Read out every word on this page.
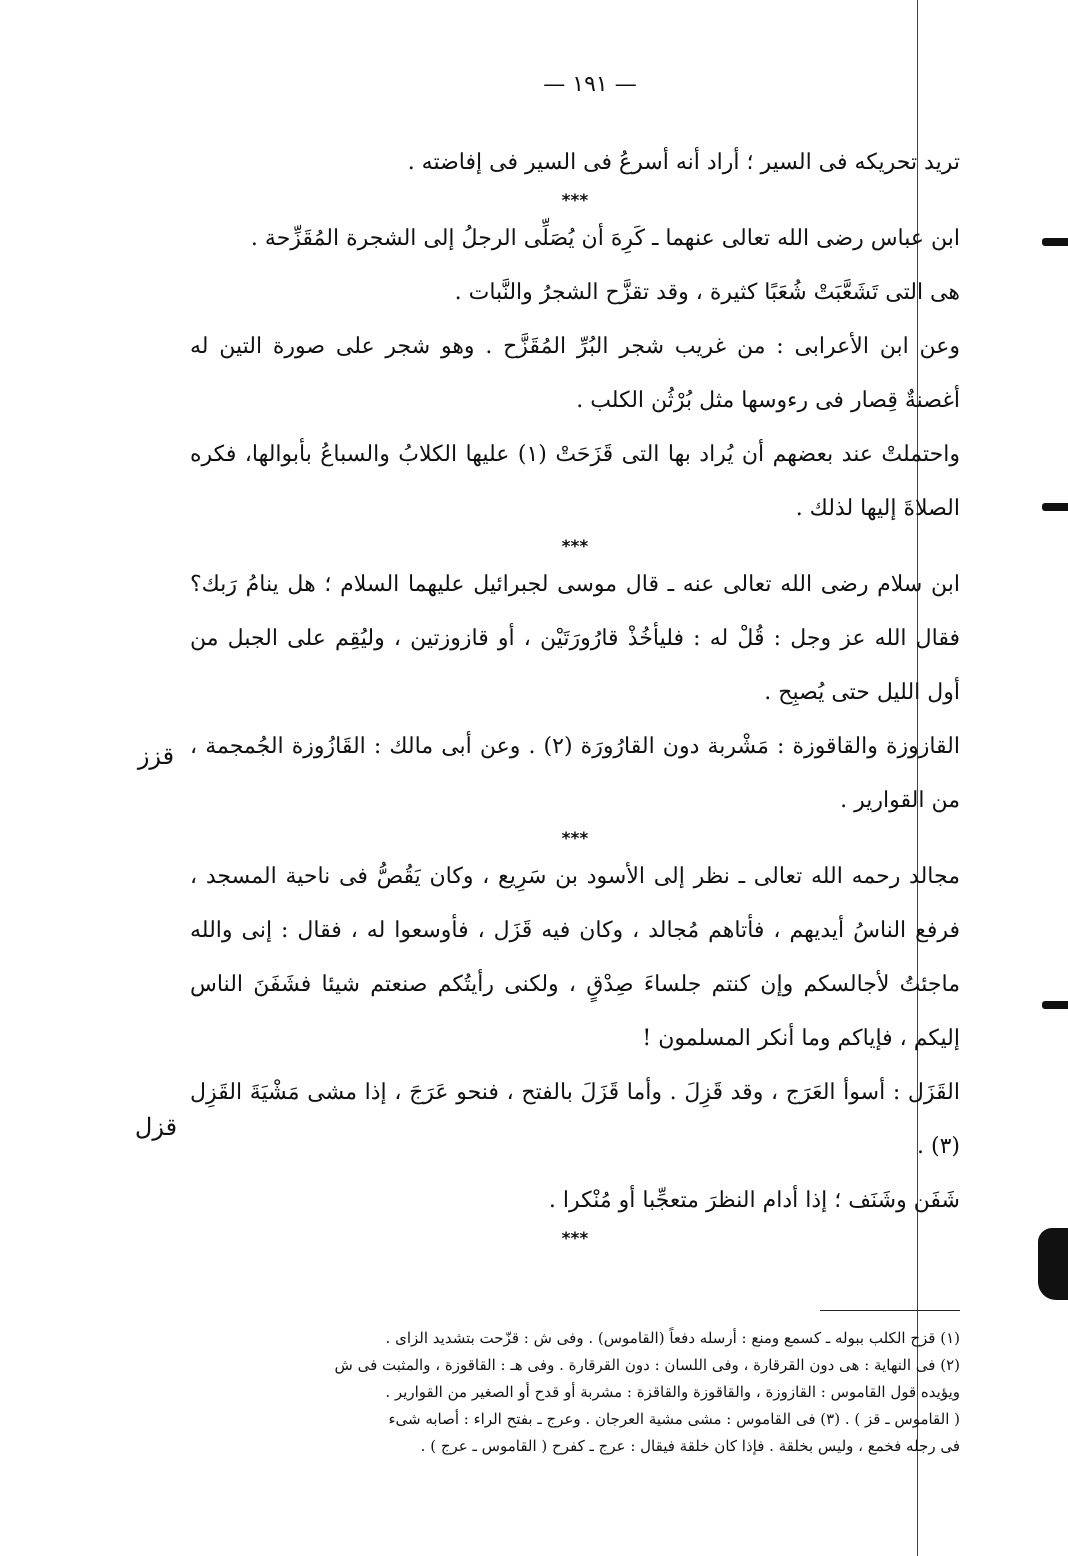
— ١٩١ —

تريد تحريكه فى السير ؛ أراد أنه أسرعُ فى السير فى إفاضته .

***

ابن عباس رضى الله تعالى عنهما ـ كَرِهَ أن يُصَلِّى الرجلُ إلى الشجرة المُقَزِّحة .

هى التى تَشَعَّبَتْ شُعَبًا كثيرة ، وقد تقزَّح الشجرُ والنَّبات .

وعن ابن الأعرابى : من غريب شجر البُرِّ المُقَزَّح . وهو شجر على صورة التين له أغصنةٌ قِصار فى رءوسها مثل بُرْثُن الكلب .

واحتملتْ عند بعضهم أن يُراد بها التى قَزَحَتْ (١) عليها الكلابُ والسباعُ بأبوالها، فكره الصلاةَ إليها لذلك .

***

ابن سلام رضى الله تعالى عنه ـ قال موسى لجبرائيل عليهما السلام ؛ هل ينامُ رَبك؟ فقال الله عز وجل : قُلْ له : فليأخُذْ قارُورَتَيْن ، أو قازوزتين ، وليُقِم على الجبل من أول الليل حتى يُصبِح .

القازوزة والقاقوزة : مَشْربة دون القارُورَة (٢) . وعن أبى مالك : القَازُوزة الجُمجمة ، من القوارير .

***

مجالد رحمه الله تعالى ـ نظر إلى الأسود بن سَرِيع ، وكان يَقُصُّ فى ناحية المسجد ، فرفع الناسُ أيديهم ، فأتاهم مُجالد ، وكان فيه قَزَل ، فأوسعوا له ، فقال : إنى والله ماجئتُ لأجالسكم وإن كنتم جلساءَ صِدْقٍ ، ولكنى رأيتُكم صنعتم شيئا فشَفَنَ الناس إليكم ، فإياكم وما أنكر المسلمون !

القَزَل : أسوأ العَرَج ، وقد قَزِلَ . وأما قَزَلَ بالفتح ، فنحو عَرَجَ ، إذا مشى مَشْيَةَ القَزِل (٣) .

شَفَن وشَنَف ؛ إذا أدام النظرَ متعجِّبا أو مُنْكرا .

***
قزز
قزل
(١) قزح الكلب ببوله ـ كسمع ومنع : أرسله دفعاً (القاموس) . وفى ش : قزّحت بتشديد الزاى .
(٢) فى النهاية : هى دون القرقارة ، وفى اللسان : دون القرقارة . وفى هـ : القاقوزة ، والمثبت فى ش
ويؤيده قول القاموس : القازوزة ، والقاقوزة والقاقزة : مشربة أو قدح أو الصغير من القوارير .
( القاموس ـ قز ) . (٣) فى القاموس : مشى مشية العرجان . وعرج ـ بفتح الراء : أصابه شىء
فى رجله فخمع ، وليس بخلقة . فإذا كان خلقة فيقال : عرج ـ كفرح ( القاموس ـ عرج ) .
